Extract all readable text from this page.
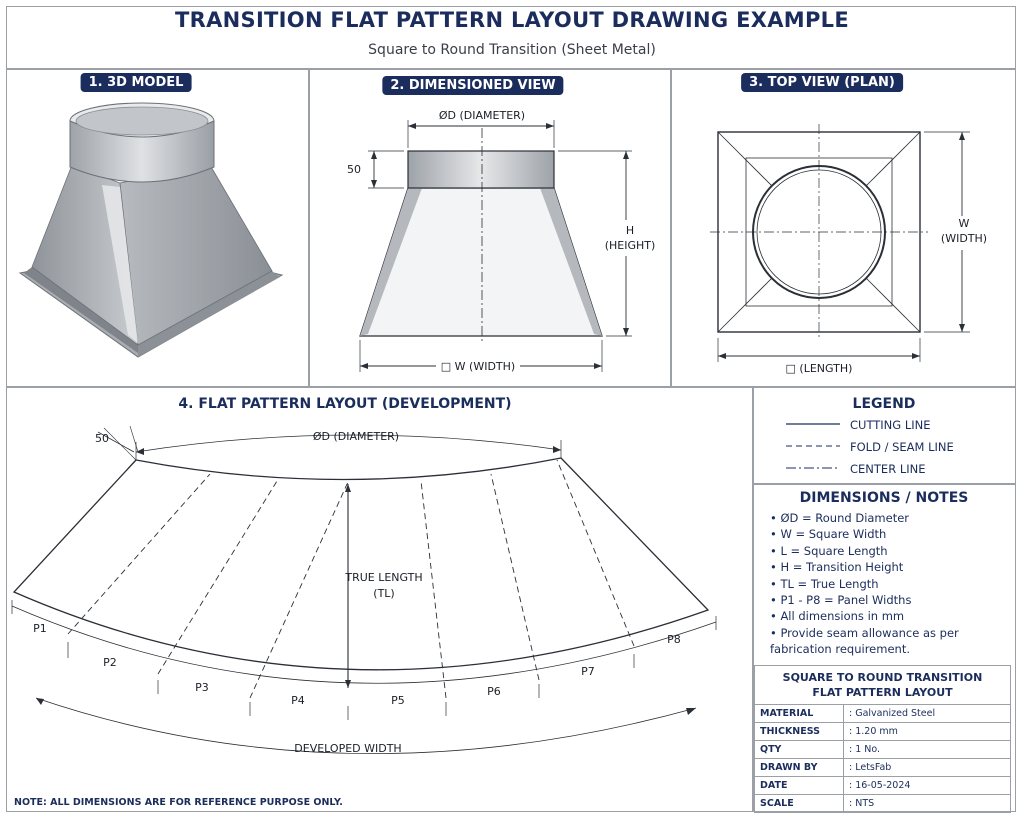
TRANSITION FLAT PATTERN LAYOUT DRAWING EXAMPLE
Square to Round Transition (Sheet Metal)
1. 3D MODEL	2. DIMENSIONED VIEW	3. TOP VIEW (PLAN)
4. FLAT PATTERN LAYOUT (DEVELOPMENT)
ØD (DIAMETER)
50
H
(HEIGHT)
□ W (WIDTH)
W
(WIDTH)
□ (LENGTH)
50	ØD (DIAMETER)
TRUE LENGTH
(TL)
P1
P2
P3
P4	P5
P6
P7
P8
DEVELOPED WIDTH
LEGEND
CUTTING LINE
FOLD / SEAM LINE
CENTER LINE
DIMENSIONS / NOTES
• ØD = Round Diameter
• W = Square Width
• L = Square Length
• H = Transition Height
• TL = True Length
• P1 - P8 = Panel Widths
• All dimensions in mm
• Provide seam allowance as per
fabrication requirement.
SQUARE TO ROUND TRANSITION
FLAT PATTERN LAYOUT	

MATERIAL	: Galvanized Steel
THICKNESS	: 1.20 mm
QTY	: 1 No.
DRAWN BY	: LetsFab
DATE	: 16-05-2024
SCALE	: NTS
NOTE: ALL DIMENSIONS ARE FOR REFERENCE PURPOSE ONLY.
